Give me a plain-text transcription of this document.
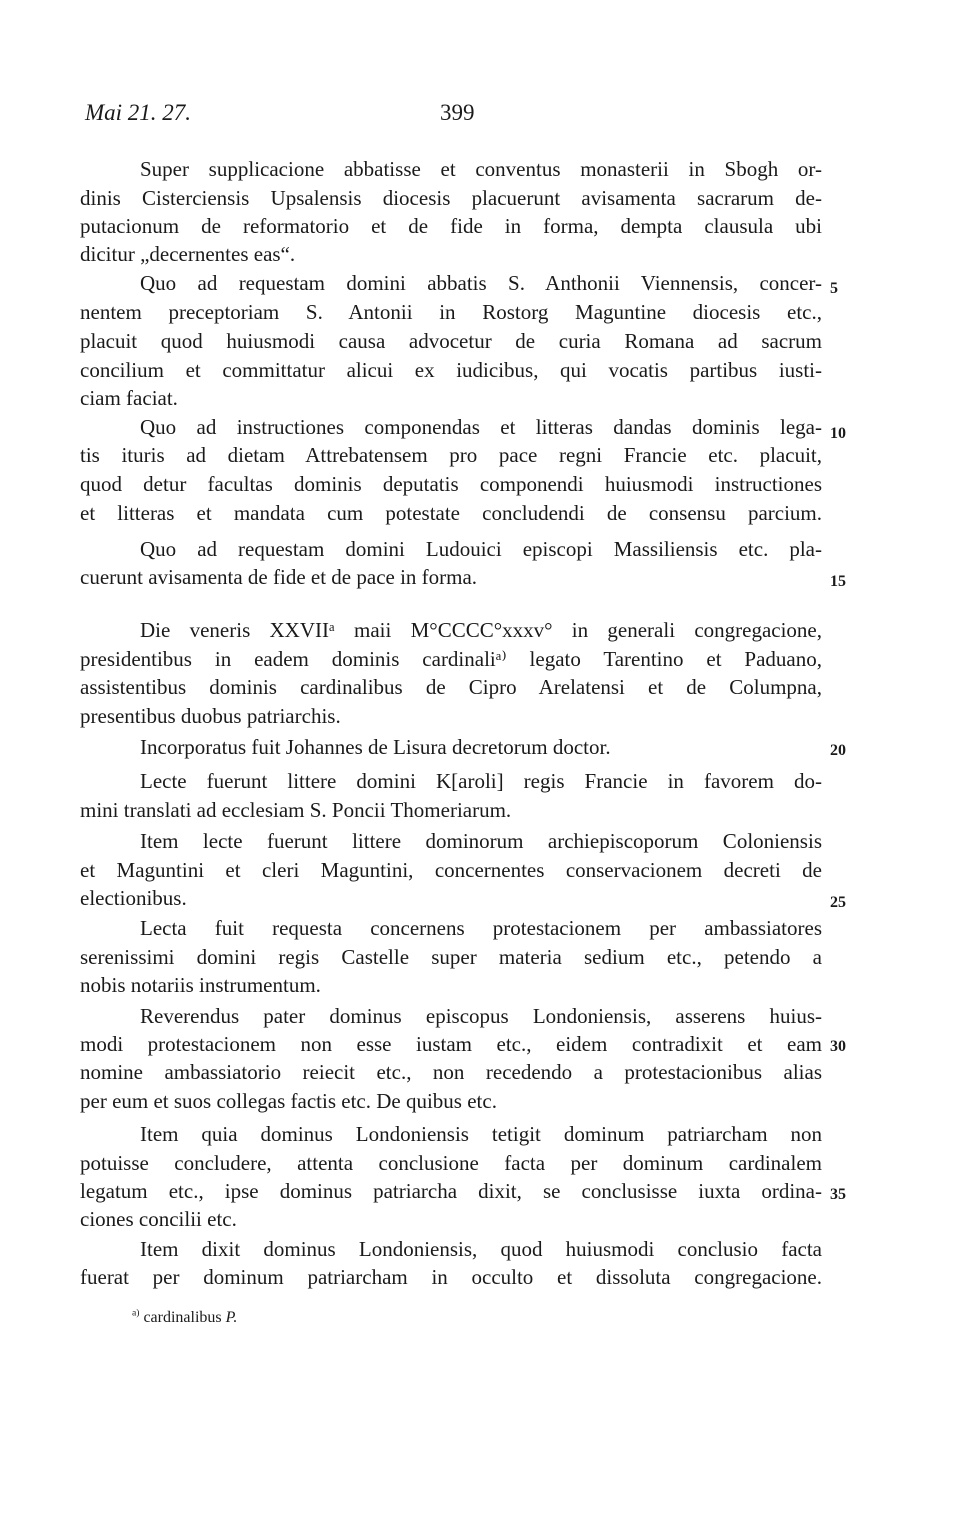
Mai 21. 27.	399
Super supplicacione abbatisse et conventus monasterii in Sbogh or-
dinis Cisterciensis Upsalensis diocesis placuerunt avisamenta sacrarum de-
putacionum de reformatorio et de fide in forma, dempta clausula ubi
dicitur „decernentes eas“.
Quo ad requestam domini abbatis S. Anthonii Viennensis, concer-
nentem preceptoriam S. Antonii in Rostorg Maguntine diocesis etc.,
placuit quod huiusmodi causa advocetur de curia Romana ad sacrum
concilium et committatur alicui ex iudicibus, qui vocatis partibus iusti-
ciam faciat.
Quo ad instructiones componendas et litteras dandas dominis lega-
tis ituris ad dietam Attrebatensem pro pace regni Francie etc. placuit,
quod detur facultas dominis deputatis componendi huiusmodi instructiones
et litteras et mandata cum potestate concludendi de consensu parcium.
Quo ad requestam domini Ludouici episcopi Massiliensis etc. pla-
cuerunt avisamenta de fide et de pace in forma.
Die veneris XXVIIᵃ maii M°CCCC°xxxv° in generali congregacione,
presidentibus in eadem dominis cardinaliᵃ⁾ legato Tarentino et Paduano,
assistentibus dominis cardinalibus de Cipro Arelatensi et de Columpna,
presentibus duobus patriarchis.
Incorporatus fuit Johannes de Lisura decretorum doctor.
Lecte fuerunt littere domini K[aroli] regis Francie in favorem do-
mini translati ad ecclesiam S. Poncii Thomeriarum.
Item lecte fuerunt littere dominorum archiepiscoporum Coloniensis
et Maguntini et cleri Maguntini, concernentes conservacionem decreti de
electionibus.
Lecta fuit requesta concernens protestacionem per ambassiatores
serenissimi domini regis Castelle super materia sedium etc., petendo a
nobis notariis instrumentum.
Reverendus pater dominus episcopus Londoniensis, asserens huius-
modi protestacionem non esse iustam etc., eidem contradixit et eam
nomine ambassiatorio reiecit etc., non recedendo a protestacionibus alias
per eum et suos collegas factis etc. De quibus etc.
Item quia dominus Londoniensis tetigit dominum patriarcham non
potuisse concludere, attenta conclusione facta per dominum cardinalem
legatum etc., ipse dominus patriarcha dixit, se conclusisse iuxta ordina-
ciones concilii etc.
Item dixit dominus Londoniensis, quod huiusmodi conclusio facta
fuerat per dominum patriarcham in occulto et dissoluta congregacione.
5
10
15
20
25
30
35
$^{a)}$ cardinalibus P.
